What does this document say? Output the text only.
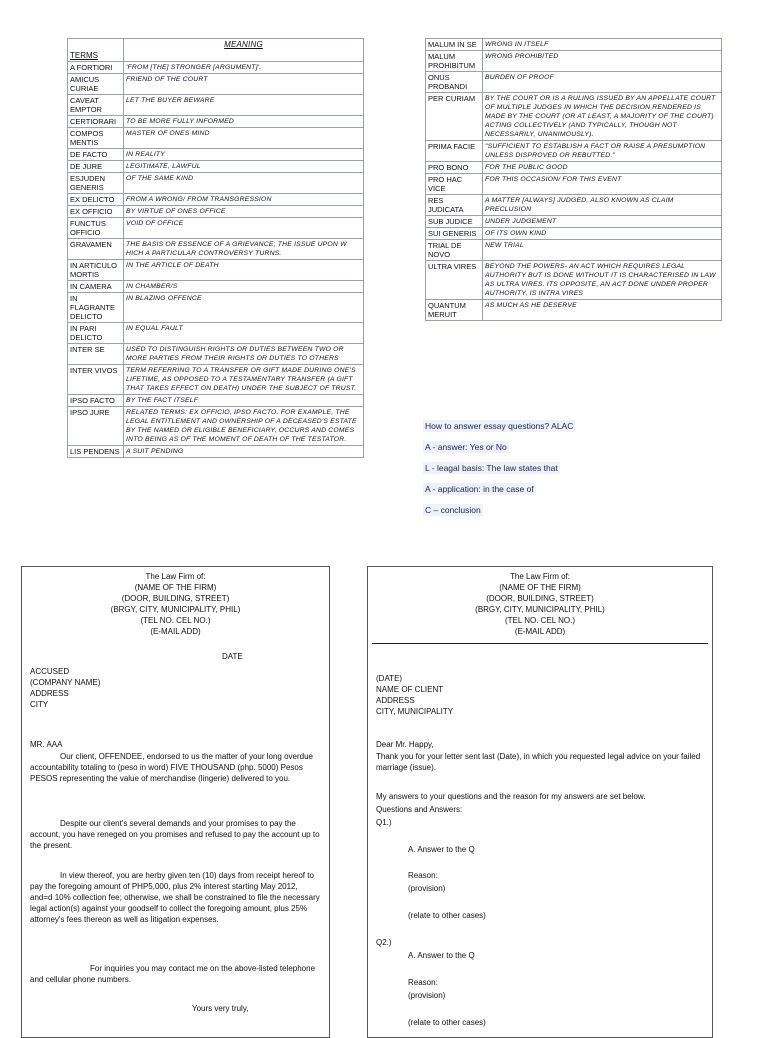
TERMS	MEANING

A FORTIORI	'FROM [THE] STRONGER [ARGUMENT]'.
AMICUS CURIAE	FRIEND OF THE COURT
CAVEAT EMPTOR	LET THE BUYER BEWARE
CERTIORARI	TO BE MORE FULLY INFORMED
COMPOS MENTIS	MASTER OF ONES MIND
DE FACTO	IN REALITY
DE JURE	LEGITIMATE, LAWFUL
ESJUDEN GENERIS	OF THE SAME KIND
EX DELICTO	FROM A WRONG/ FROM TRANSGRESSION
EX OFFICIO	BY VIRTUE OF ONES OFFICE
FUNCTUS OFFICIO	VOID OF OFFICE
GRAVAMEN	THE BASIS OR ESSENCE OF A GRIEVANCE; THE ISSUE UPON W HICH A PARTICULAR CONTROVERSY TURNS.
IN ARTICULO MORTIS	IN THE ARTICLE OF DEATH
IN CAMERA	IN CHAMBER/S
IN FLAGRANTE DELICTO	IN BLAZING OFFENCE
IN PARI DELICTO	IN EQUAL FAULT
INTER SE	USED TO DISTINGUISH RIGHTS OR DUTIES BETWEEN TWO OR MORE PARTIES FROM THEIR RIGHTS OR DUTIES TO OTHERS
INTER VIVOS	TERM REFERRING TO A TRANSFER OR GIFT MADE DURING ONE'S LIFETIME, AS OPPOSED TO A TESTAMENTARY TRANSFER (A GIFT THAT TAKES EFFECT ON DEATH) UNDER THE SUBJECT OF TRUST.
IPSO FACTO	BY THE FACT ITSELF
IPSO JURE	RELATED TERMS: EX OFFICIO, IPSO FACTO. FOR EXAMPLE, THE LEGAL ENTITLEMENT AND OWNERSHIP OF A DECEASED'S ESTATE BY THE NAMED OR ELIGIBLE BENEFICIARY, OCCURS AND COMES INTO BEING AS OF THE MOMENT OF DEATH OF THE TESTATOR.
LIS PENDENS	A SUIT PENDING
MALUM IN SE	WRONG IN ITSELF
MALUM PROHIBITUM	WRONG PROHIBITED
ONUS PROBANDI	BURDEN OF PROOF
PER CURIAM	BY THE COURT OR IS A RULING ISSUED BY AN APPELLATE COURT OF MULTIPLE JUDGES IN WHICH THE DECISION RENDERED IS MADE BY THE COURT (OR AT LEAST, A MAJORITY OF THE COURT) ACTING COLLECTIVELY (AND TYPICALLY, THOUGH NOT NECESSARILY, UNANIMOUSLY).
PRIMA FACIE	"SUFFICIENT TO ESTABLISH A FACT OR RAISE A PRESUMPTION UNLESS DISPROVED OR REBUTTED."
PRO BONO	FOR THE PUBLIC GOOD
PRO HAC VICE	FOR THIS OCCASION/ FOR THIS EVENT
RES JUDICATA	A MATTER [ALWAYS] JUDGED, ALSO KNOWN AS CLAIM PRECLUSION
SUB JUDICE	UNDER JUDGEMENT
SUI GENERIS	OF ITS OWN KIND
TRIAL DE NOVO	NEW TRIAL
ULTRA VIRES	BEYOND THE POWERS- AN ACT WHICH REQUIRES LEGAL AUTHORITY BUT IS DONE WITHOUT IT IS CHARACTERISED IN LAW AS ULTRA VIRES. ITS OPPOSITE, AN ACT DONE UNDER PROPER AUTHORITY, IS INTRA VIRES
QUANTUM MERUIT	AS MUCH AS HE DESERVE
How to answer essay questions? ALAC
A - answer: Yes or No
L - leagal basis: The law states that
A - application: in the case of
C – conclusion
The Law Firm of:
(NAME OF THE FIRM)
(DOOR, BUILDING, STREET)
(BRGY, CITY, MUNICIPALITY, PHIL)
(TEL NO. CEL NO.)
(E-MAIL ADD)
DATE
ACCUSED
(COMPANY NAME)
ADDRESS
CITY
MR. AAA
Our client, OFFENDEE, endorsed to us the matter of your long overdue accountability totaling to (peso in word) FIVE THOUSAND (php. 5000) Pesos PESOS representing the value of merchandise (lingerie) delivered to you.
Despite our client's several demands and your promises to pay the account, you have reneged on you promises and refused to pay the account up to the present.
In view thereof, you are herby given ten (10) days from receipt hereof to pay the foregoing amount of PHP5,000, plus 2% interest starting May 2012, and=d 10% collection fee; otherwise, we shall be constrained to file the necessary legal action(s) against your goodself to collect the foregoing amount, plus 25% attorney's fees thereon as well as litigation expenses.
For inquiries you may contact me on the above-listed telephone and cellular phone numbers.
Yours very truly,
The Law Firm of:
(NAME OF THE FIRM)
(DOOR, BUILDING, STREET)
(BRGY, CITY, MUNICIPALITY, PHIL)
(TEL NO. CEL NO.)
(E-MAIL ADD)
(DATE)
NAME OF CLIENT
ADDRESS
CITY, MUNICIPALITY
Dear Mr. Happy,
Thank you for your letter sent last (Date), in which you requested legal advice on your failed marriage (issue).
My answers to your questions and the reason for my answers are set below.
Questions and Answers:
Q1.)
A. Answer to the Q
Reason:
(provision)
(relate to other cases)
Q2.)
A. Answer to the Q
Reason:
(provision)
(relate to other cases)
